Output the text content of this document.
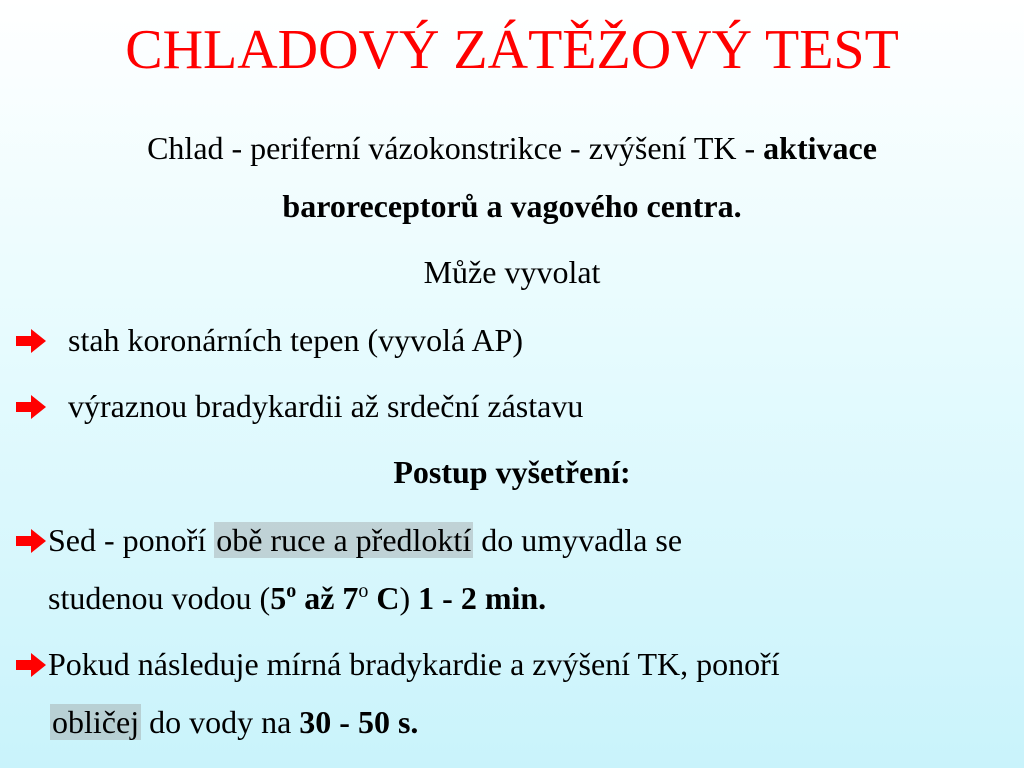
CHLADOVÝ ZÁTĚŽOVÝ TEST
Chlad - periferní vázokonstrikce - zvýšení TK - aktivace
baroreceptorů a vagového centra.
Může vyvolat
stah koronárních tepen (vyvolá AP)
výraznou bradykardii až srdeční zástavu
Postup vyšetření:
Sed - ponoří obě ruce a předloktí do umyvadla se
studenou vodou (5$^o$ až 7$^o$ C) 1 - 2 min.
Pokud následuje mírná bradykardie a zvýšení TK, ponoří
obličej do vody na 30 - 50 s.
